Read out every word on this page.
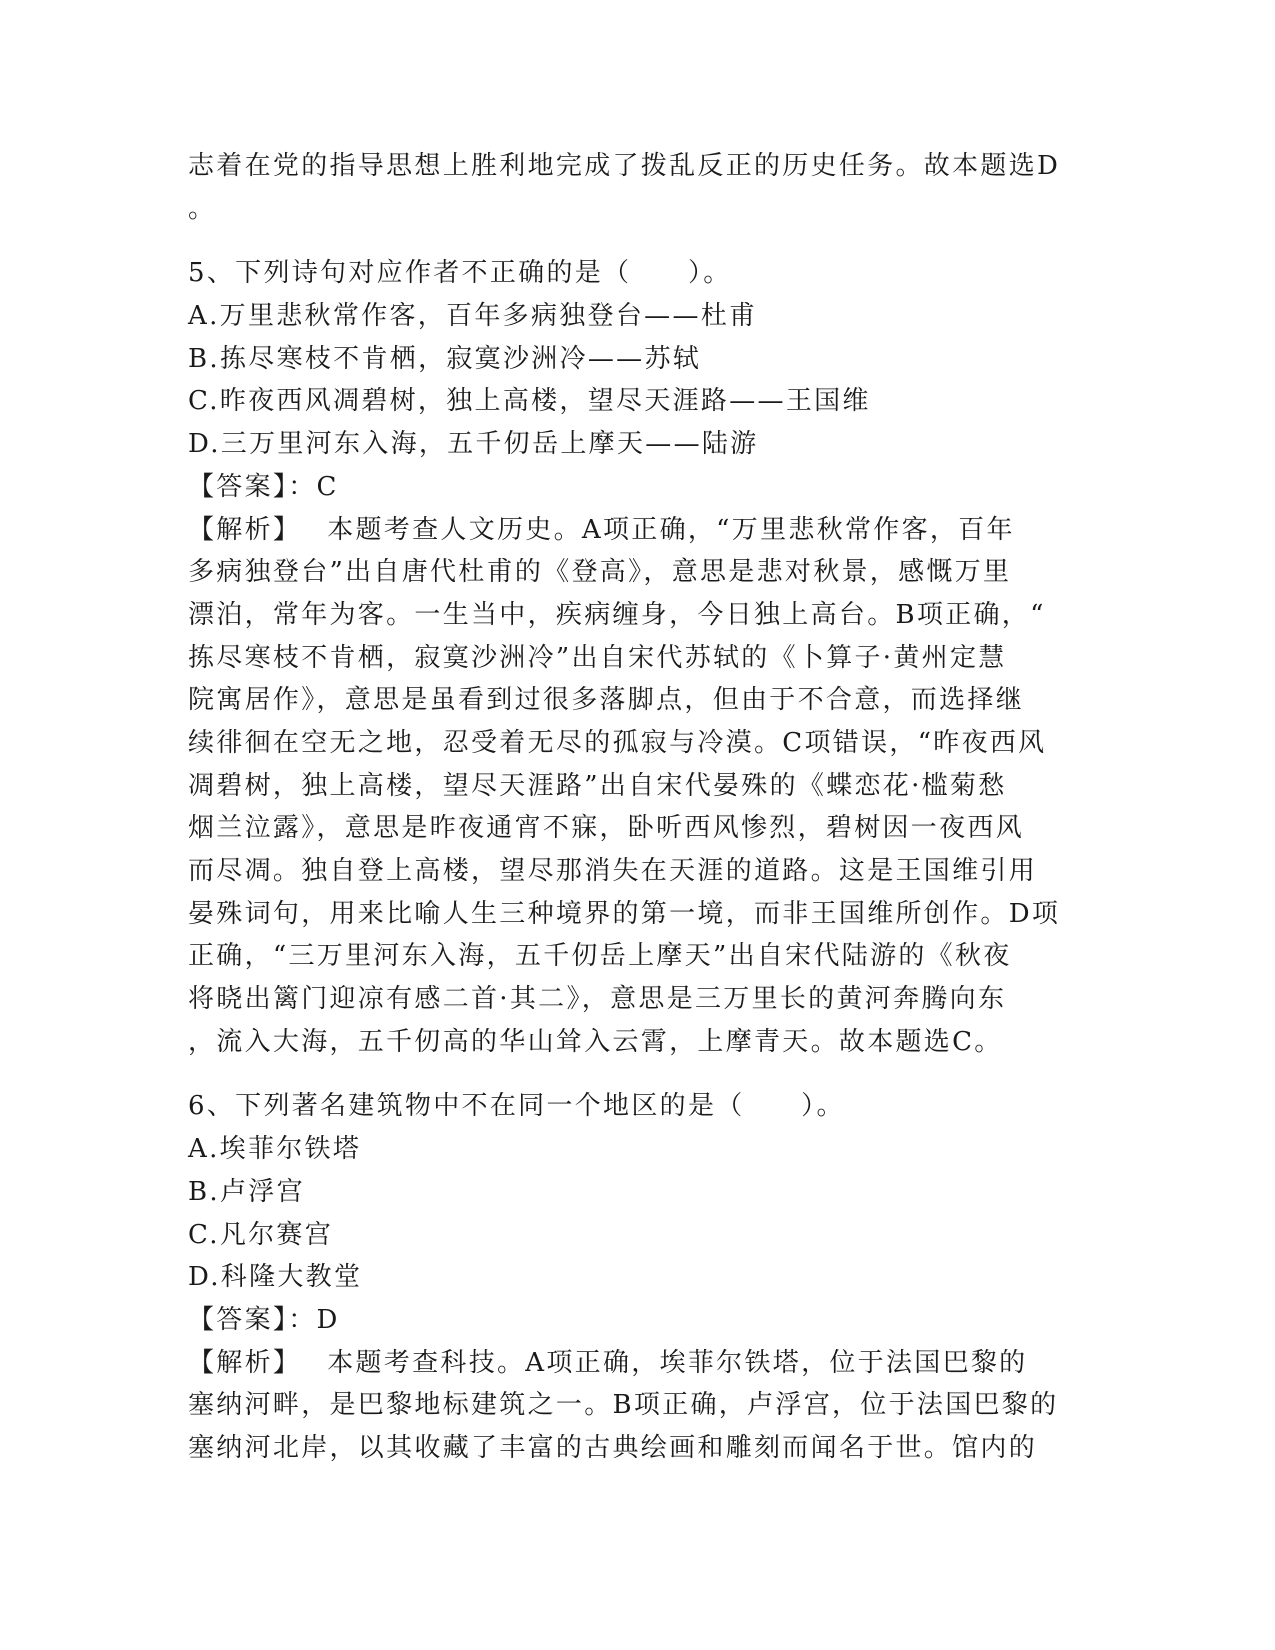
志着在党的指导思想上胜利地完成了拨乱反正的历史任务。故本题选D
。
5、下列诗句对应作者不正确的是（　　）。
A.万里悲秋常作客，百年多病独登台——杜甫
B.拣尽寒枝不肯栖，寂寞沙洲冷——苏轼
C.昨夜西风凋碧树，独上高楼，望尽天涯路——王国维
D.三万里河东入海，五千仞岳上摩天——陆游
【答案】：C
【解析】 本题考查人文历史。A项正确，“万里悲秋常作客，百年
多病独登台”出自唐代杜甫的《登高》，意思是悲对秋景，感慨万里
漂泊，常年为客。一生当中，疾病缠身，今日独上高台。B项正确，“
拣尽寒枝不肯栖，寂寞沙洲冷”出自宋代苏轼的《卜算子·黄州定慧
院寓居作》，意思是虽看到过很多落脚点，但由于不合意，而选择继
续徘徊在空无之地，忍受着无尽的孤寂与冷漠。C项错误，“昨夜西风
凋碧树，独上高楼，望尽天涯路”出自宋代晏殊的《蝶恋花·槛菊愁
烟兰泣露》，意思是昨夜通宵不寐，卧听西风惨烈，碧树因一夜西风
而尽凋。独自登上高楼，望尽那消失在天涯的道路。这是王国维引用
晏殊词句，用来比喻人生三种境界的第一境，而非王国维所创作。D项
正确，“三万里河东入海，五千仞岳上摩天”出自宋代陆游的《秋夜
将晓出篱门迎凉有感二首·其二》，意思是三万里长的黄河奔腾向东
，流入大海，五千仞高的华山耸入云霄，上摩青天。故本题选C。
6、下列著名建筑物中不在同一个地区的是（　　）。
A.埃菲尔铁塔
B.卢浮宫
C.凡尔赛宫
D.科隆大教堂
【答案】：D
【解析】 本题考查科技。A项正确，埃菲尔铁塔，位于法国巴黎的
塞纳河畔，是巴黎地标建筑之一。B项正确，卢浮宫，位于法国巴黎的
塞纳河北岸，以其收藏了丰富的古典绘画和雕刻而闻名于世。馆内的
